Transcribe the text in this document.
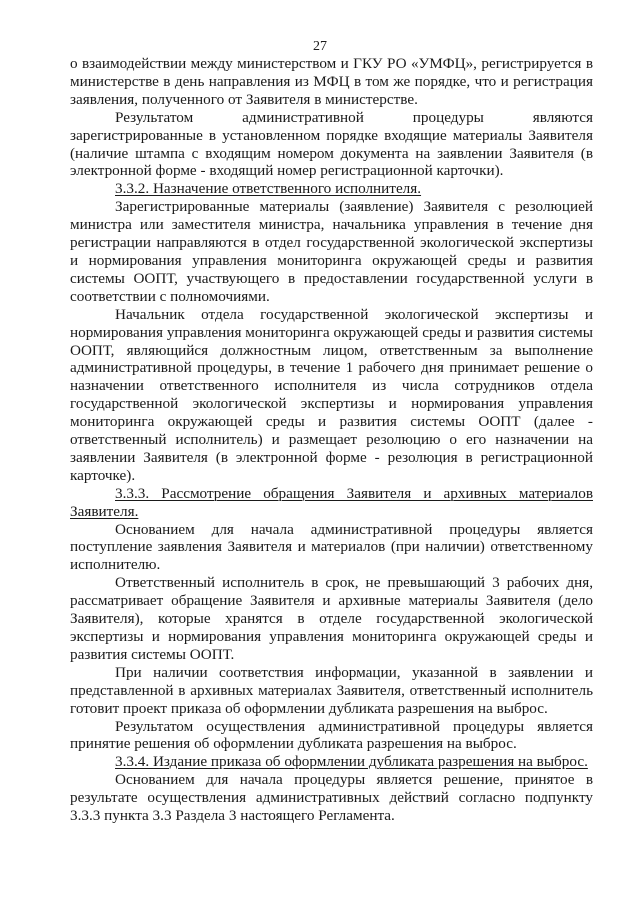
27

о взаимодействии между министерством и ГКУ РО «УМФЦ», регистрируется в министерстве в день направления из МФЦ в том же порядке, что и регистрация заявления, полученного от Заявителя в министерстве.

Результатом административной процедуры являются зарегистрированные в установленном порядке входящие материалы Заявителя (наличие штампа с входящим номером документа на заявлении Заявителя (в электронной форме - входящий номер регистрационной карточки).

3.3.2. Назначение ответственного исполнителя.

Зарегистрированные материалы (заявление) Заявителя с резолюцией министра или заместителя министра, начальника управления в течение дня регистрации направляются в отдел государственной экологической экспертизы и нормирования управления мониторинга окружающей среды и развития системы ООПТ, участвующего в предоставлении государственной услуги в соответствии с полномочиями.

Начальник отдела государственной экологической экспертизы и нормирования управления мониторинга окружающей среды и развития системы ООПТ, являющийся должностным лицом, ответственным за выполнение административной процедуры, в течение 1 рабочего дня принимает решение о назначении ответственного исполнителя из числа сотрудников отдела государственной экологической экспертизы и нормирования управления мониторинга окружающей среды и развития системы ООПТ (далее - ответственный исполнитель) и размещает резолюцию о его назначении на заявлении Заявителя (в электронной форме - резолюция в регистрационной карточке).

3.3.3. Рассмотрение обращения Заявителя и архивных материалов Заявителя.

Основанием для начала административной процедуры является поступление заявления Заявителя и материалов (при наличии) ответственному исполнителю.

Ответственный исполнитель в срок, не превышающий 3 рабочих дня, рассматривает обращение Заявителя и архивные материалы Заявителя (дело Заявителя), которые хранятся в отделе государственной экологической экспертизы и нормирования управления мониторинга окружающей среды и развития системы ООПТ.

При наличии соответствия информации, указанной в заявлении и представленной в архивных материалах Заявителя, ответственный исполнитель готовит проект приказа об оформлении дубликата разрешения на выброс.

Результатом осуществления административной процедуры является принятие решения об оформлении дубликата разрешения на выброс.

3.3.4. Издание приказа об оформлении дубликата разрешения на выброс.

Основанием для начала процедуры является решение, принятое в результате осуществления административных действий согласно подпункту 3.3.3 пункта 3.3 Раздела 3 настоящего Регламента.
